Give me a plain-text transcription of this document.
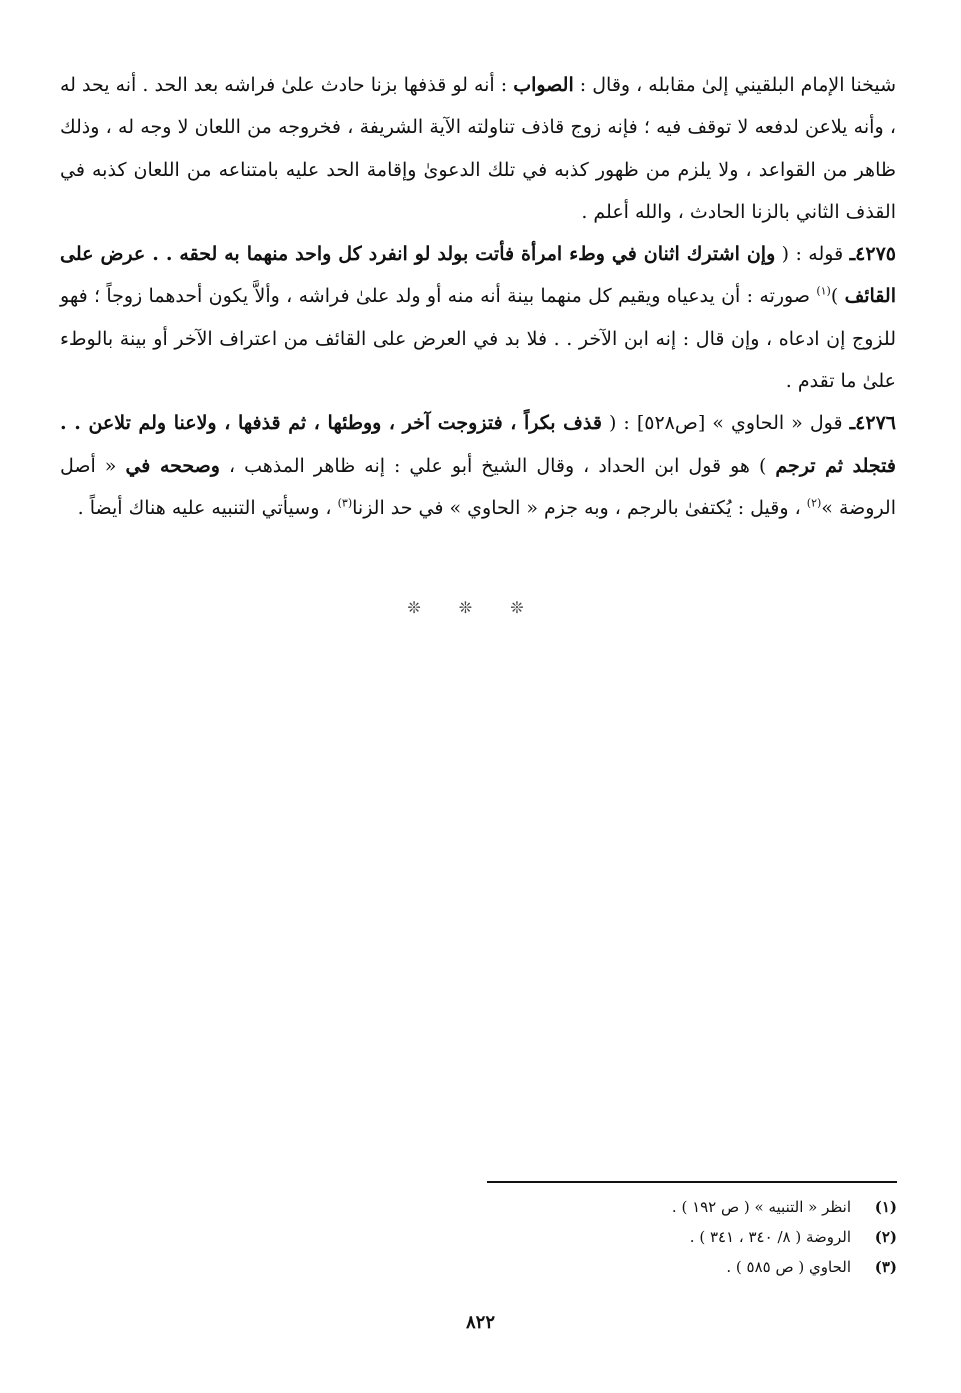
شيخنا الإمام البلقيني إلىٰ مقابله ، وقال : الصواب : أنه لو قذفها بزنا حادث علىٰ فراشه بعد الحد . أنه يحد له ، وأنه يلاعن لدفعه لا توقف فيه ؛ فإنه زوج قاذف تناولته الآية الشريفة ، فخروجه من اللعان لا وجه له ، وذلك ظاهر من القواعد ، ولا يلزم من ظهور كذبه في تلك الدعوىٰ وإقامة الحد عليه بامتناعه من اللعان كذبه في القذف الثاني بالزنا الحادث ، والله أعلم .

٤٢٧٥ـ قوله : ( وإن اشترك اثنان في وطء امرأة فأتت بولد لو انفرد كل واحد منهما به لحقه . . عرض على القائف )$^{(١)}$ صورته : أن يدعياه ويقيم كل منهما بينة أنه منه أو ولد علىٰ فراشه ، وألاَّ يكون أحدهما زوجاً ؛ فهو للزوج إن ادعاه ، وإن قال : إنه ابن الآخر . . فلا بد في العرض على القائف من اعتراف الآخر أو بينة بالوطء علىٰ ما تقدم .

٤٢٧٦ـ قول « الحاوي » [ص٥٢٨] : ( قذف بكراً ، فتزوجت آخر ، ووطئها ، ثم قذفها ، ولاعنا ولم تلاعن . . فتجلد ثم ترجم ) هو قول ابن الحداد ، وقال الشيخ أبو علي : إنه ظاهر المذهب ، وصححه في « أصل الروضة »$^{(٢)}$ ، وقيل : يُكتفىٰ بالرجم ، وبه جزم « الحاوي » في حد الزنا$^{(٣)}$ ، وسيأتي التنبيه عليه هناك أيضاً .

❊ ❊ ❊
(١)انظر « التنبيه » ( ص ١٩٢ ) .
(٢)الروضة ( ٨/ ٣٤٠ ، ٣٤١ ) .
(٣)الحاوي ( ص ٥٨٥ ) .
٨٢٢
